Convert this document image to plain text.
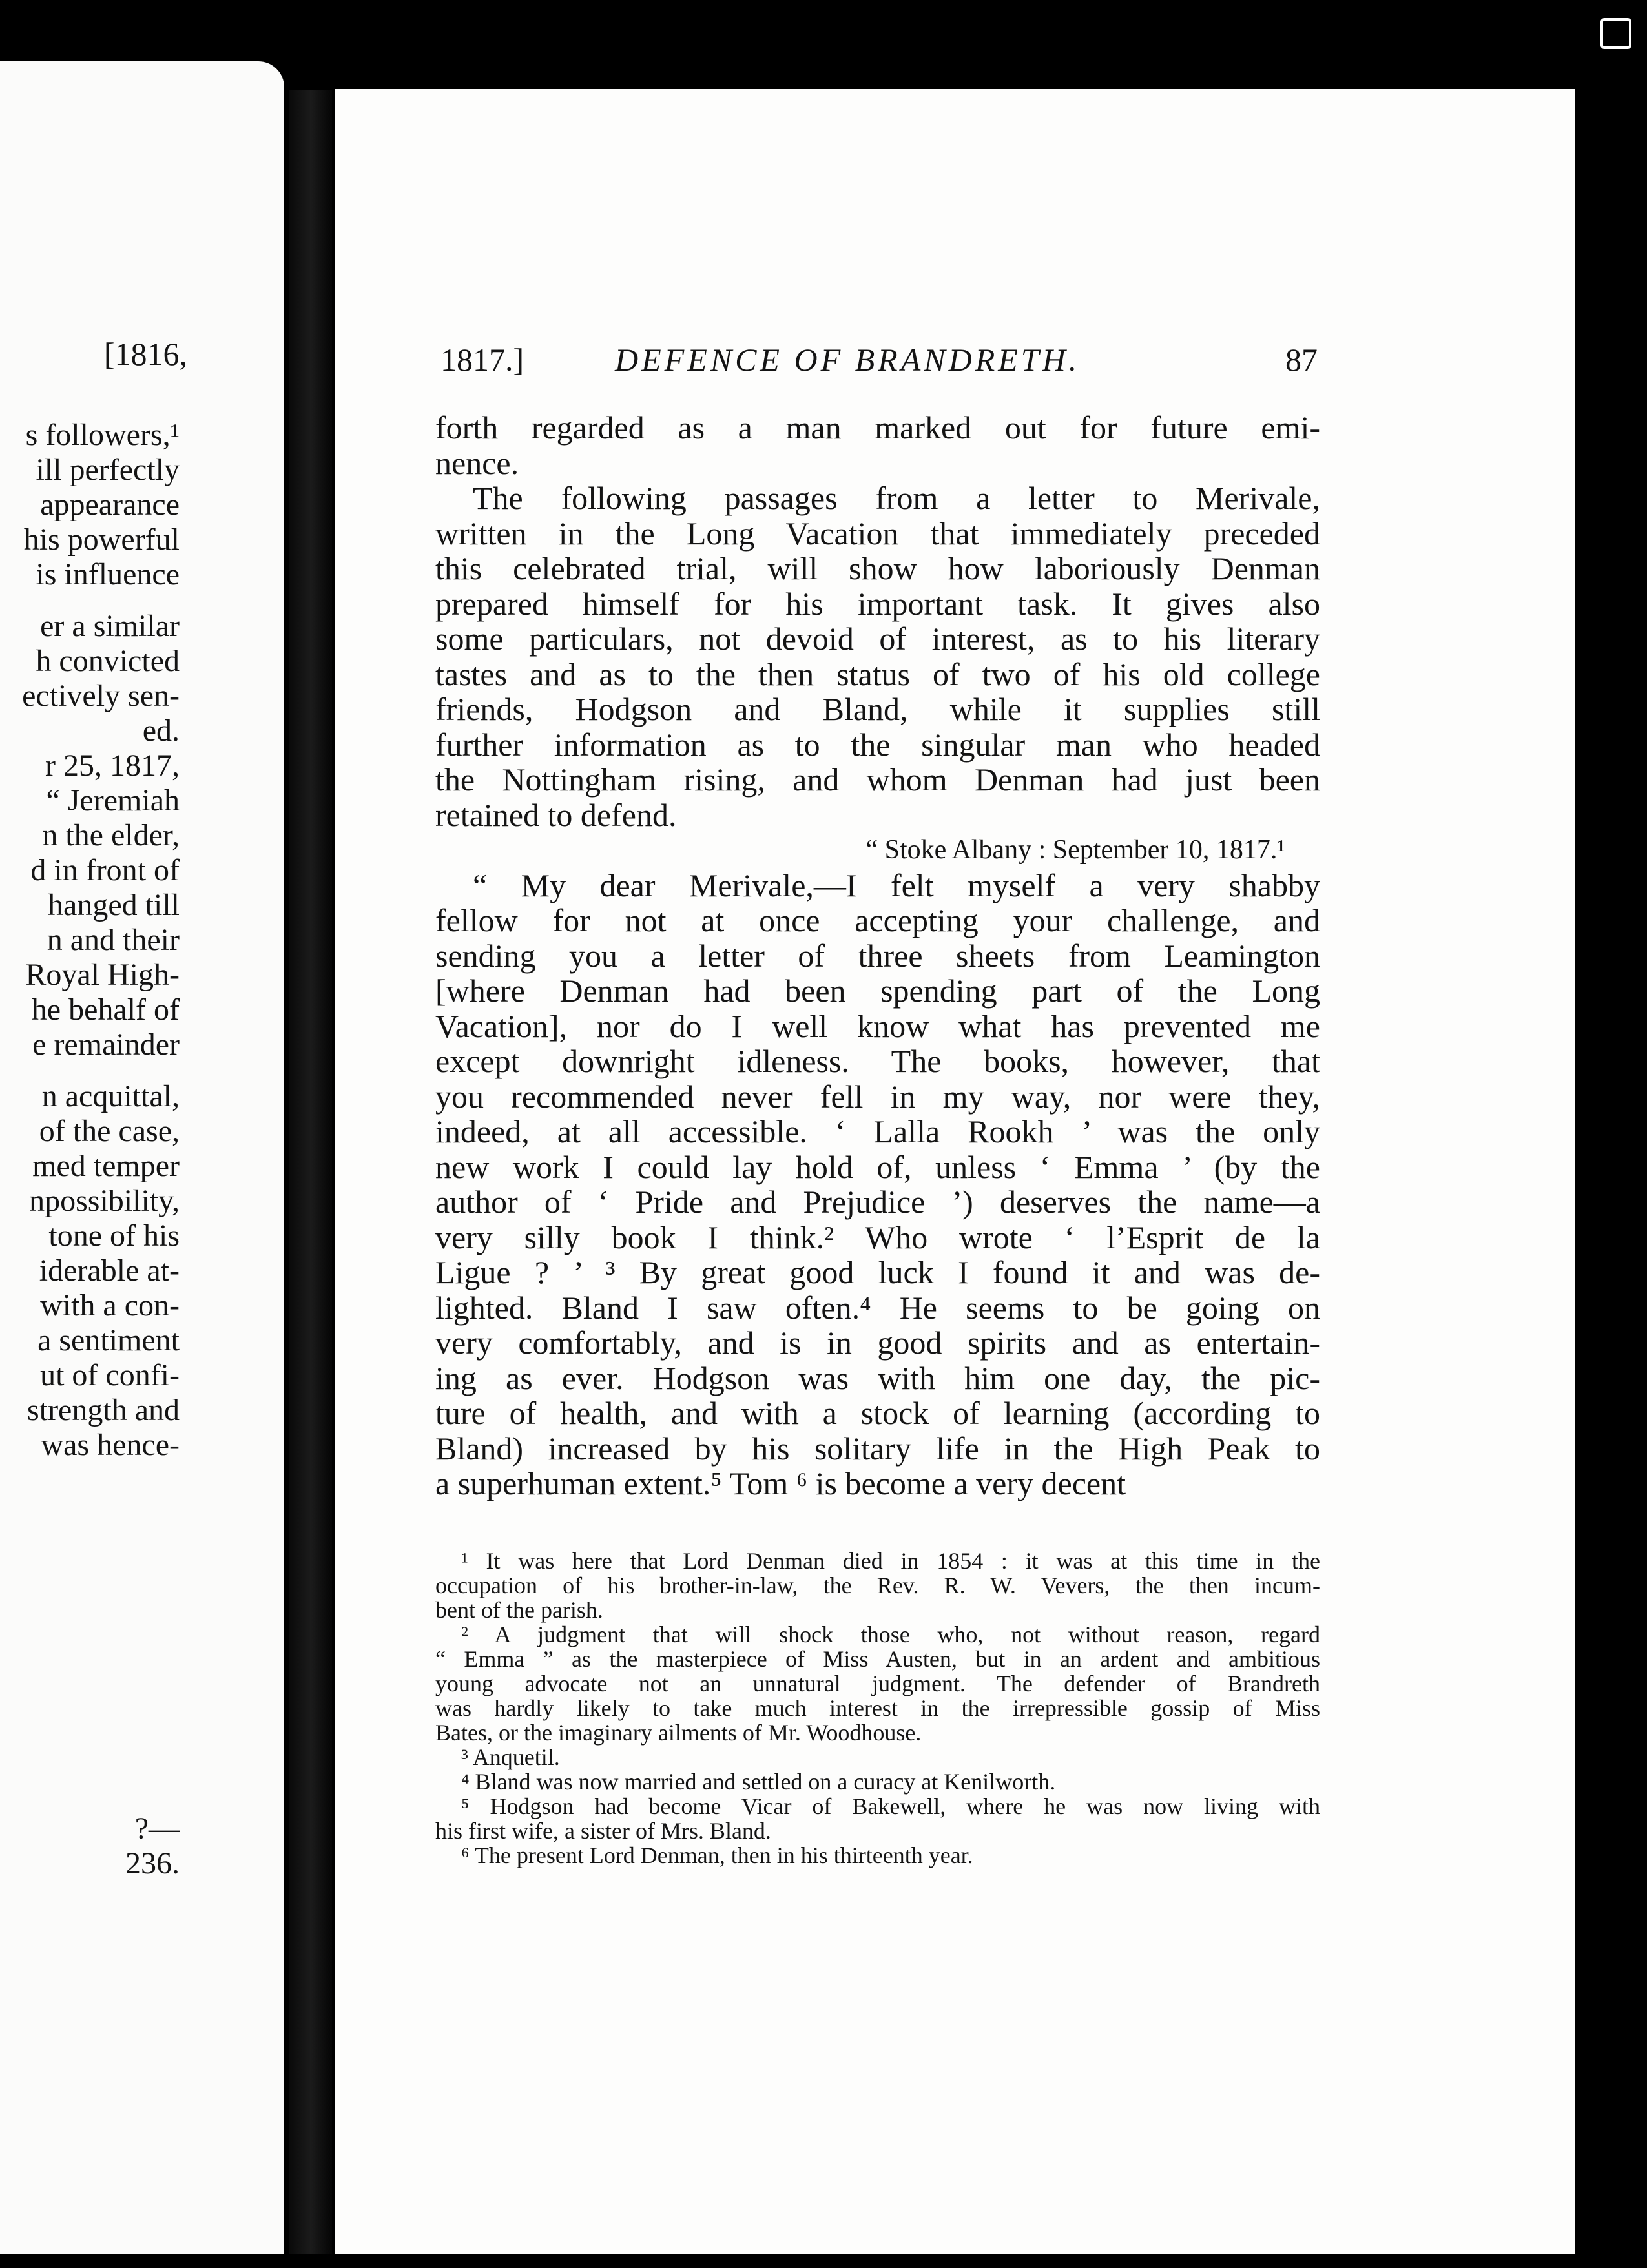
[1816,
s followers,¹
ill perfectly
appearance
his powerful
is influence
er a similar
h convicted
ectively sen-
ed.
r 25, 1817,
“ Jeremiah
n the elder,
d in front of
hanged till
n and their
Royal High-
he behalf of
e remainder
n acquittal,
of the case,
med temper
npossibility,
tone of his
iderable at-
with a con-
a sentiment
ut of confi-
strength and
was hence-
?—
236.
1817.]	DEFENCE OF BRANDRETH.	87
forth regarded as a man marked out for future emi-
nence.
The following passages from a letter to Merivale,
written in the Long Vacation that immediately preceded
this celebrated trial, will show how laboriously Denman
prepared himself for his important task. It gives also
some particulars, not devoid of interest, as to his literary
tastes and as to the then status of two of his old college
friends, Hodgson and Bland, while it supplies still
further information as to the singular man who headed
the Nottingham rising, and whom Denman had just been
retained to defend.
“ Stoke Albany : September 10, 1817.¹
“ My dear Merivale,—I felt myself a very shabby
fellow for not at once accepting your challenge, and
sending you a letter of three sheets from Leamington
[where Denman had been spending part of the Long
Vacation], nor do I well know what has prevented me
except downright idleness. The books, however, that
you recommended never fell in my way, nor were they,
indeed, at all accessible. ‘ Lalla Rookh ’ was the only
new work I could lay hold of, unless ‘ Emma ’ (by the
author of ‘ Pride and Prejudice ’) deserves the name—a
very silly book I think.² Who wrote ‘ l’Esprit de la
Ligue ? ’ ³ By great good luck I found it and was de-
lighted. Bland I saw often.⁴ He seems to be going on
very comfortably, and is in good spirits and as entertain-
ing as ever. Hodgson was with him one day, the pic-
ture of health, and with a stock of learning (according to
Bland) increased by his solitary life in the High Peak to
a superhuman extent.⁵ Tom ⁶ is become a very decent
¹ It was here that Lord Denman died in 1854 : it was at this time in the
occupation of his brother-in-law, the Rev. R. W. Vevers, the then incum-
bent of the parish.
² A judgment that will shock those who, not without reason, regard
“ Emma ” as the masterpiece of Miss Austen, but in an ardent and ambitious
young advocate not an unnatural judgment. The defender of Brandreth
was hardly likely to take much interest in the irrepressible gossip of Miss
Bates, or the imaginary ailments of Mr. Woodhouse.
³ Anquetil.
⁴ Bland was now married and settled on a curacy at Kenilworth.
⁵ Hodgson had become Vicar of Bakewell, where he was now living with
his first wife, a sister of Mrs. Bland.
⁶ The present Lord Denman, then in his thirteenth year.
